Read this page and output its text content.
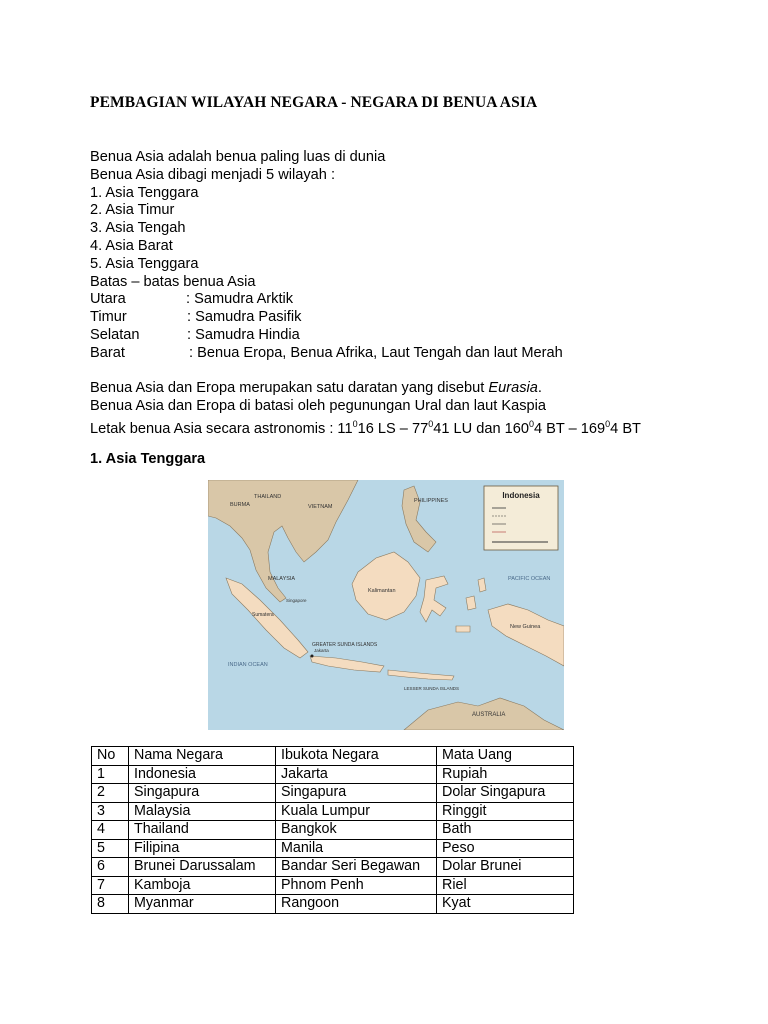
PEMBAGIAN WILAYAH NEGARA - NEGARA DI BENUA ASIA
Benua Asia adalah benua paling luas di dunia
Benua Asia dibagi menjadi 5 wilayah :
1. Asia Tenggara
2. Asia Timur
3. Asia Tengah
4. Asia Barat
5. Asia Tenggara
Batas – batas benua Asia
Utara	: Samudra Arktik
Timur	: Samudra Pasifik
Selatan	: Samudra Hindia
Barat	: Benua Eropa, Benua Afrika, Laut Tengah dan laut Merah
Benua Asia dan Eropa merupakan satu daratan yang disebut Eurasia.
Benua Asia dan Eropa di batasi oleh pegunungan Ural dan laut Kaspia
Letak benua Asia secara astronomis : $11^016$ LS – $77^041$ LU dan $160^04$ BT – $169^04$ BT
1. Asia Tenggara
Indonesia
BURMA
THAILAND
VIETNAM
PHILIPPINES
MALAYSIA
Singapore
Kalimantan
Sumatera
PACIFIC OCEAN
INDIAN OCEAN
AUSTRALIA
New Guinea
GREATER SUNDA ISLANDS
LESSER SUNDA ISLANDS
Jakarta
No	Nama Negara	Ibukota Negara	Mata Uang
1	Indonesia	Jakarta	Rupiah
2	Singapura	Singapura	Dolar Singapura
3	Malaysia	Kuala Lumpur	Ringgit
4	Thailand	Bangkok	Bath
5	Filipina	Manila	Peso
6	Brunei Darussalam	Bandar Seri Begawan	Dolar Brunei
7	Kamboja	Phnom Penh	Riel
8	Myanmar	Rangoon	Kyat
